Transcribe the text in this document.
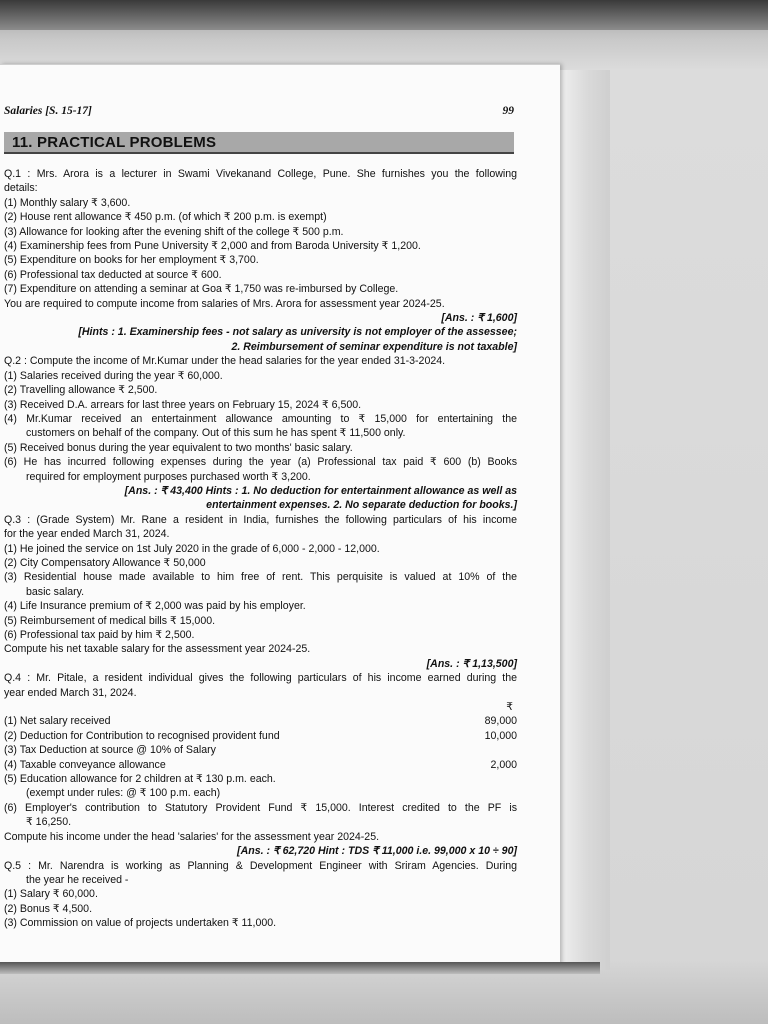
Salaries [S. 15-17]	99
11. PRACTICAL PROBLEMS
Q.1 : Mrs. Arora is a lecturer in Swami Vivekanand College, Pune. She furnishes you the following
details:
(1) Monthly salary ₹ 3,600.
(2) House rent allowance ₹ 450 p.m. (of which ₹ 200 p.m. is exempt)
(3) Allowance for looking after the evening shift of the college ₹ 500 p.m.
(4) Examinership fees from Pune University ₹ 2,000 and from Baroda University ₹ 1,200.
(5) Expenditure on books for her employment ₹ 3,700.
(6) Professional tax deducted at source ₹ 600.
(7) Expenditure on attending a seminar at Goa ₹ 1,750 was re-imbursed by College.
You are required to compute income from salaries of Mrs. Arora for assessment year 2024-25.
[Ans. : ₹ 1,600]
[Hints : 1. Examinership fees - not salary as university is not employer of the assessee;
2. Reimbursement of seminar expenditure is not taxable]
Q.2 : Compute the income of Mr.Kumar under the head salaries for the year ended 31-3-2024.
(1) Salaries received during the year ₹ 60,000.
(2) Travelling allowance ₹ 2,500.
(3) Received D.A. arrears for last three years on February 15, 2024 ₹ 6,500.
(4) Mr.Kumar received an entertainment allowance amounting to ₹ 15,000 for entertaining the
customers on behalf of the company. Out of this sum he has spent ₹ 11,500 only.
(5) Received bonus during the year equivalent to two months' basic salary.
(6) He has incurred following expenses during the year (a) Professional tax paid ₹ 600 (b) Books
required for employment purposes purchased worth ₹ 3,200.
[Ans. : ₹ 43,400 Hints : 1. No deduction for entertainment allowance as well as
entertainment expenses. 2. No separate deduction for books.]
Q.3 : (Grade System) Mr. Rane a resident in India, furnishes the following particulars of his income
for the year ended March 31, 2024.
(1) He joined the service on 1st July 2020 in the grade of 6,000 - 2,000 - 12,000.
(2) City Compensatory Allowance ₹ 50,000
(3) Residential house made available to him free of rent. This perquisite is valued at 10% of the
basic salary.
(4) Life Insurance premium of ₹ 2,000 was paid by his employer.
(5) Reimbursement of medical bills ₹ 15,000.
(6) Professional tax paid by him ₹ 2,500.
Compute his net taxable salary for the assessment year 2024-25.
[Ans. : ₹ 1,13,500]
Q.4 : Mr. Pitale, a resident individual gives the following particulars of his income earned during the
year ended March 31, 2024.
₹
(1) Net salary received	89,000
(2) Deduction for Contribution to recognised provident fund	10,000
(3) Tax Deduction at source @ 10% of Salary
(4) Taxable conveyance allowance	2,000
(5) Education allowance for 2 children at ₹ 130 p.m. each.
(exempt under rules: @ ₹ 100 p.m. each)
(6) Employer's contribution to Statutory Provident Fund ₹ 15,000. Interest credited to the PF is
₹ 16,250.
Compute his income under the head 'salaries' for the assessment year 2024-25.
[Ans. : ₹ 62,720 Hint : TDS ₹ 11,000 i.e. 99,000 x 10 ÷ 90]
Q.5 : Mr. Narendra is working as Planning & Development Engineer with Sriram Agencies. During
the year he received -
(1) Salary ₹ 60,000.
(2) Bonus ₹ 4,500.
(3) Commission on value of projects undertaken ₹ 11,000.
